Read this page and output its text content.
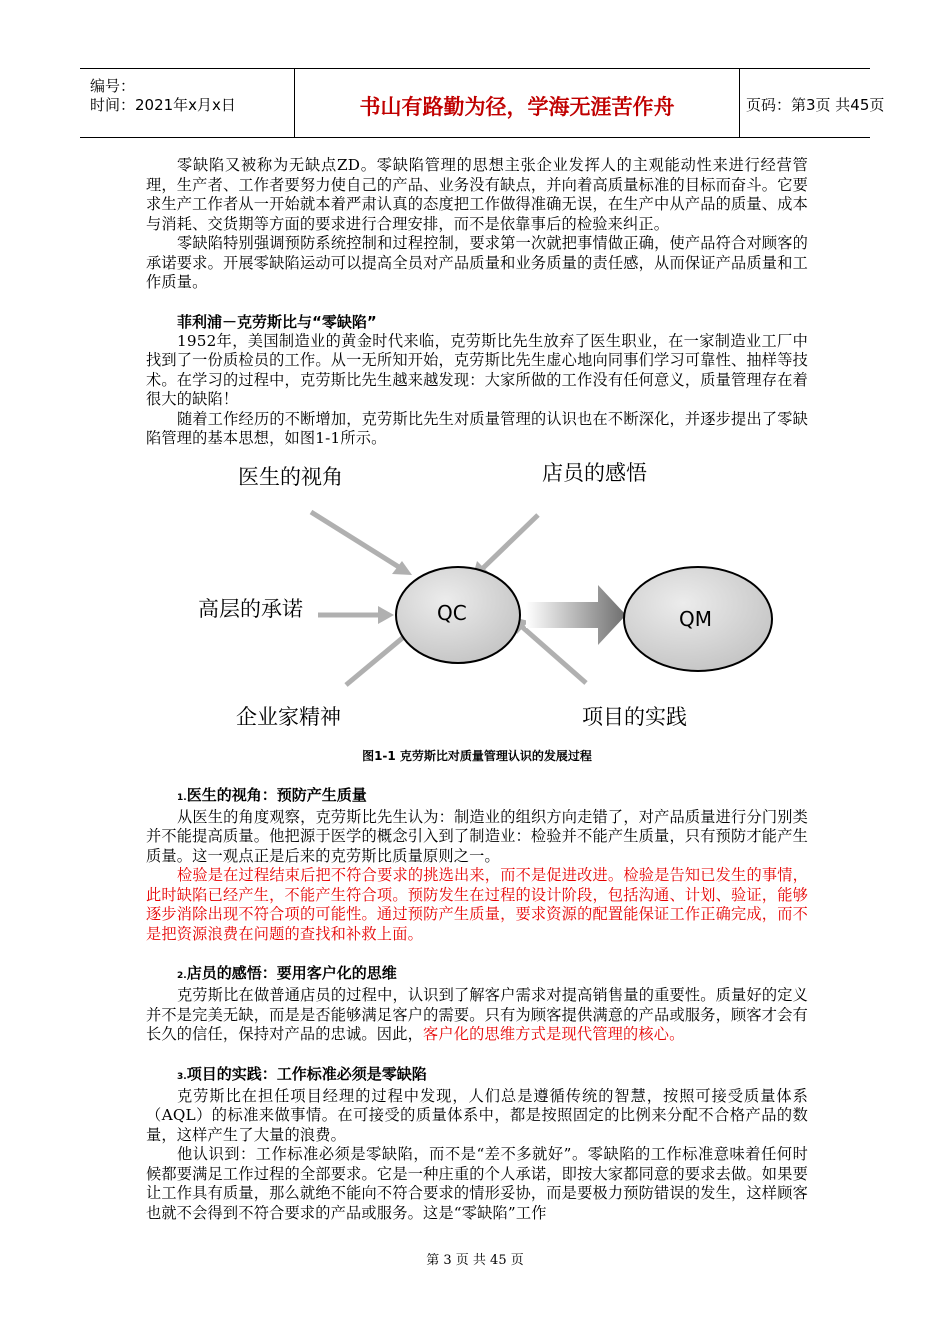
编号：
时间：2021年x月x日	书山有路勤为径，学海无涯苦作舟	页码：第3页 共45页

零缺陷又被称为无缺点ZD。零缺陷管理的思想主张企业发挥人的主观能动性来进行经营管理，生产者、工作者要努力使自己的产品、业务没有缺点，并向着高质量标准的目标而奋斗。它要求生产工作者从一开始就本着严肃认真的态度把工作做得准确无误，在生产中从产品的质量、成本与消耗、交货期等方面的要求进行合理安排，而不是依靠事后的检验来纠正。

零缺陷特别强调预防系统控制和过程控制，要求第一次就把事情做正确，使产品符合对顾客的承诺要求。开展零缺陷运动可以提高全员对产品质量和业务质量的责任感，从而保证产品质量和工作质量。

菲利浦－克劳斯比与“零缺陷”

1952年，美国制造业的黄金时代来临，克劳斯比先生放弃了医生职业，在一家制造业工厂中找到了一份质检员的工作。从一无所知开始，克劳斯比先生虚心地向同事们学习可靠性、抽样等技术。在学习的过程中，克劳斯比先生越来越发现：大家所做的工作没有任何意义，质量管理存在着很大的缺陷！

随着工作经历的不断增加，克劳斯比先生对质量管理的认识也在不断深化，并逐步提出了零缺陷管理的基本思想，如图1-1所示。

医生的视角	店员的感悟
高层的承诺
企业家精神	项目的实践
QC	QM
图1-1 克劳斯比对质量管理认识的发展过程
1.医生的视角：预防产生质量

从医生的角度观察，克劳斯比先生认为：制造业的组织方向走错了，对产品质量进行分门别类并不能提高质量。他把源于医学的概念引入到了制造业：检验并不能产生质量，只有预防才能产生质量。这一观点正是后来的克劳斯比质量原则之一。

检验是在过程结束后把不符合要求的挑选出来，而不是促进改进。检验是告知已发生的事情，此时缺陷已经产生，不能产生符合项。预防发生在过程的设计阶段，包括沟通、计划、验证，能够逐步消除出现不符合项的可能性。通过预防产生质量，要求资源的配置能保证工作正确完成，而不是把资源浪费在问题的查找和补救上面。

2.店员的感悟：要用客户化的思维

克劳斯比在做普通店员的过程中，认识到了解客户需求对提高销售量的重要性。质量好的定义并不是完美无缺，而是是否能够满足客户的需要。只有为顾客提供满意的产品或服务，顾客才会有长久的信任，保持对产品的忠诚。因此，客户化的思维方式是现代管理的核心。

3.项目的实践：工作标准必须是零缺陷

克劳斯比在担任项目经理的过程中发现，人们总是遵循传统的智慧，按照可接受质量体系（AQL）的标准来做事情。在可接受的质量体系中，都是按照固定的比例来分配不合格产品的数量，这样产生了大量的浪费。

他认识到：工作标准必须是零缺陷，而不是“差不多就好”。零缺陷的工作标准意味着任何时候都要满足工作过程的全部要求。它是一种庄重的个人承诺，即按大家都同意的要求去做。如果要让工作具有质量，那么就绝不能向不符合要求的情形妥协，而是要极力预防错误的发生，这样顾客也就不会得到不符合要求的产品或服务。这是“零缺陷”工作

第 3 页 共 45 页
